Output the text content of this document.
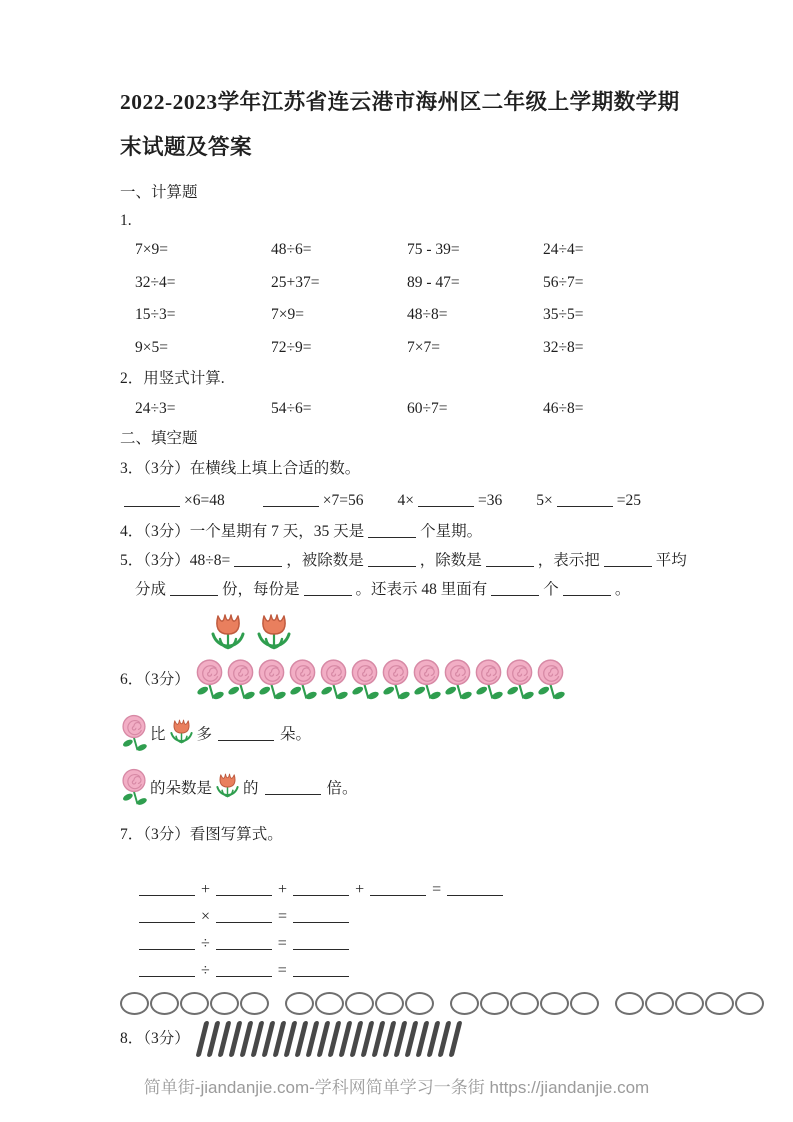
2022-2023学年江苏省连云港市海州区二年级上学期数学期
末试题及答案
一、计算题
1.
7×9=	48÷6=	75 - 39=	24÷4=
32÷4=	25+37=	89 - 47=	56÷7=
15÷3=	7×9=	48÷8=	35÷5=
9×5=	72÷9=	7×7=	32÷8=
2．用竖式计算.
24÷3=	54÷6=	60÷7=	46÷8=
二、填空题
3．（3分）在横线上填上合适的数。
×6=48	×7=56 4×	=36 5×	=25
4．（3分）一个星期有 7 天，35 天是	个星期。
5．（3分）48÷8=	，被除数是	，除数是	，表示把	平均
分成	份，每份是	。还表示 48 里面有	个	。
6．（3分）
比 多	朵。
的朵数是 的	倍。
7．（3分）看图写算式。
+	+	+	=
×	=
÷	=
÷	=
8．（3分）
简单街-jiandanjie.com-学科网简单学习一条街 https://jiandanjie.com
